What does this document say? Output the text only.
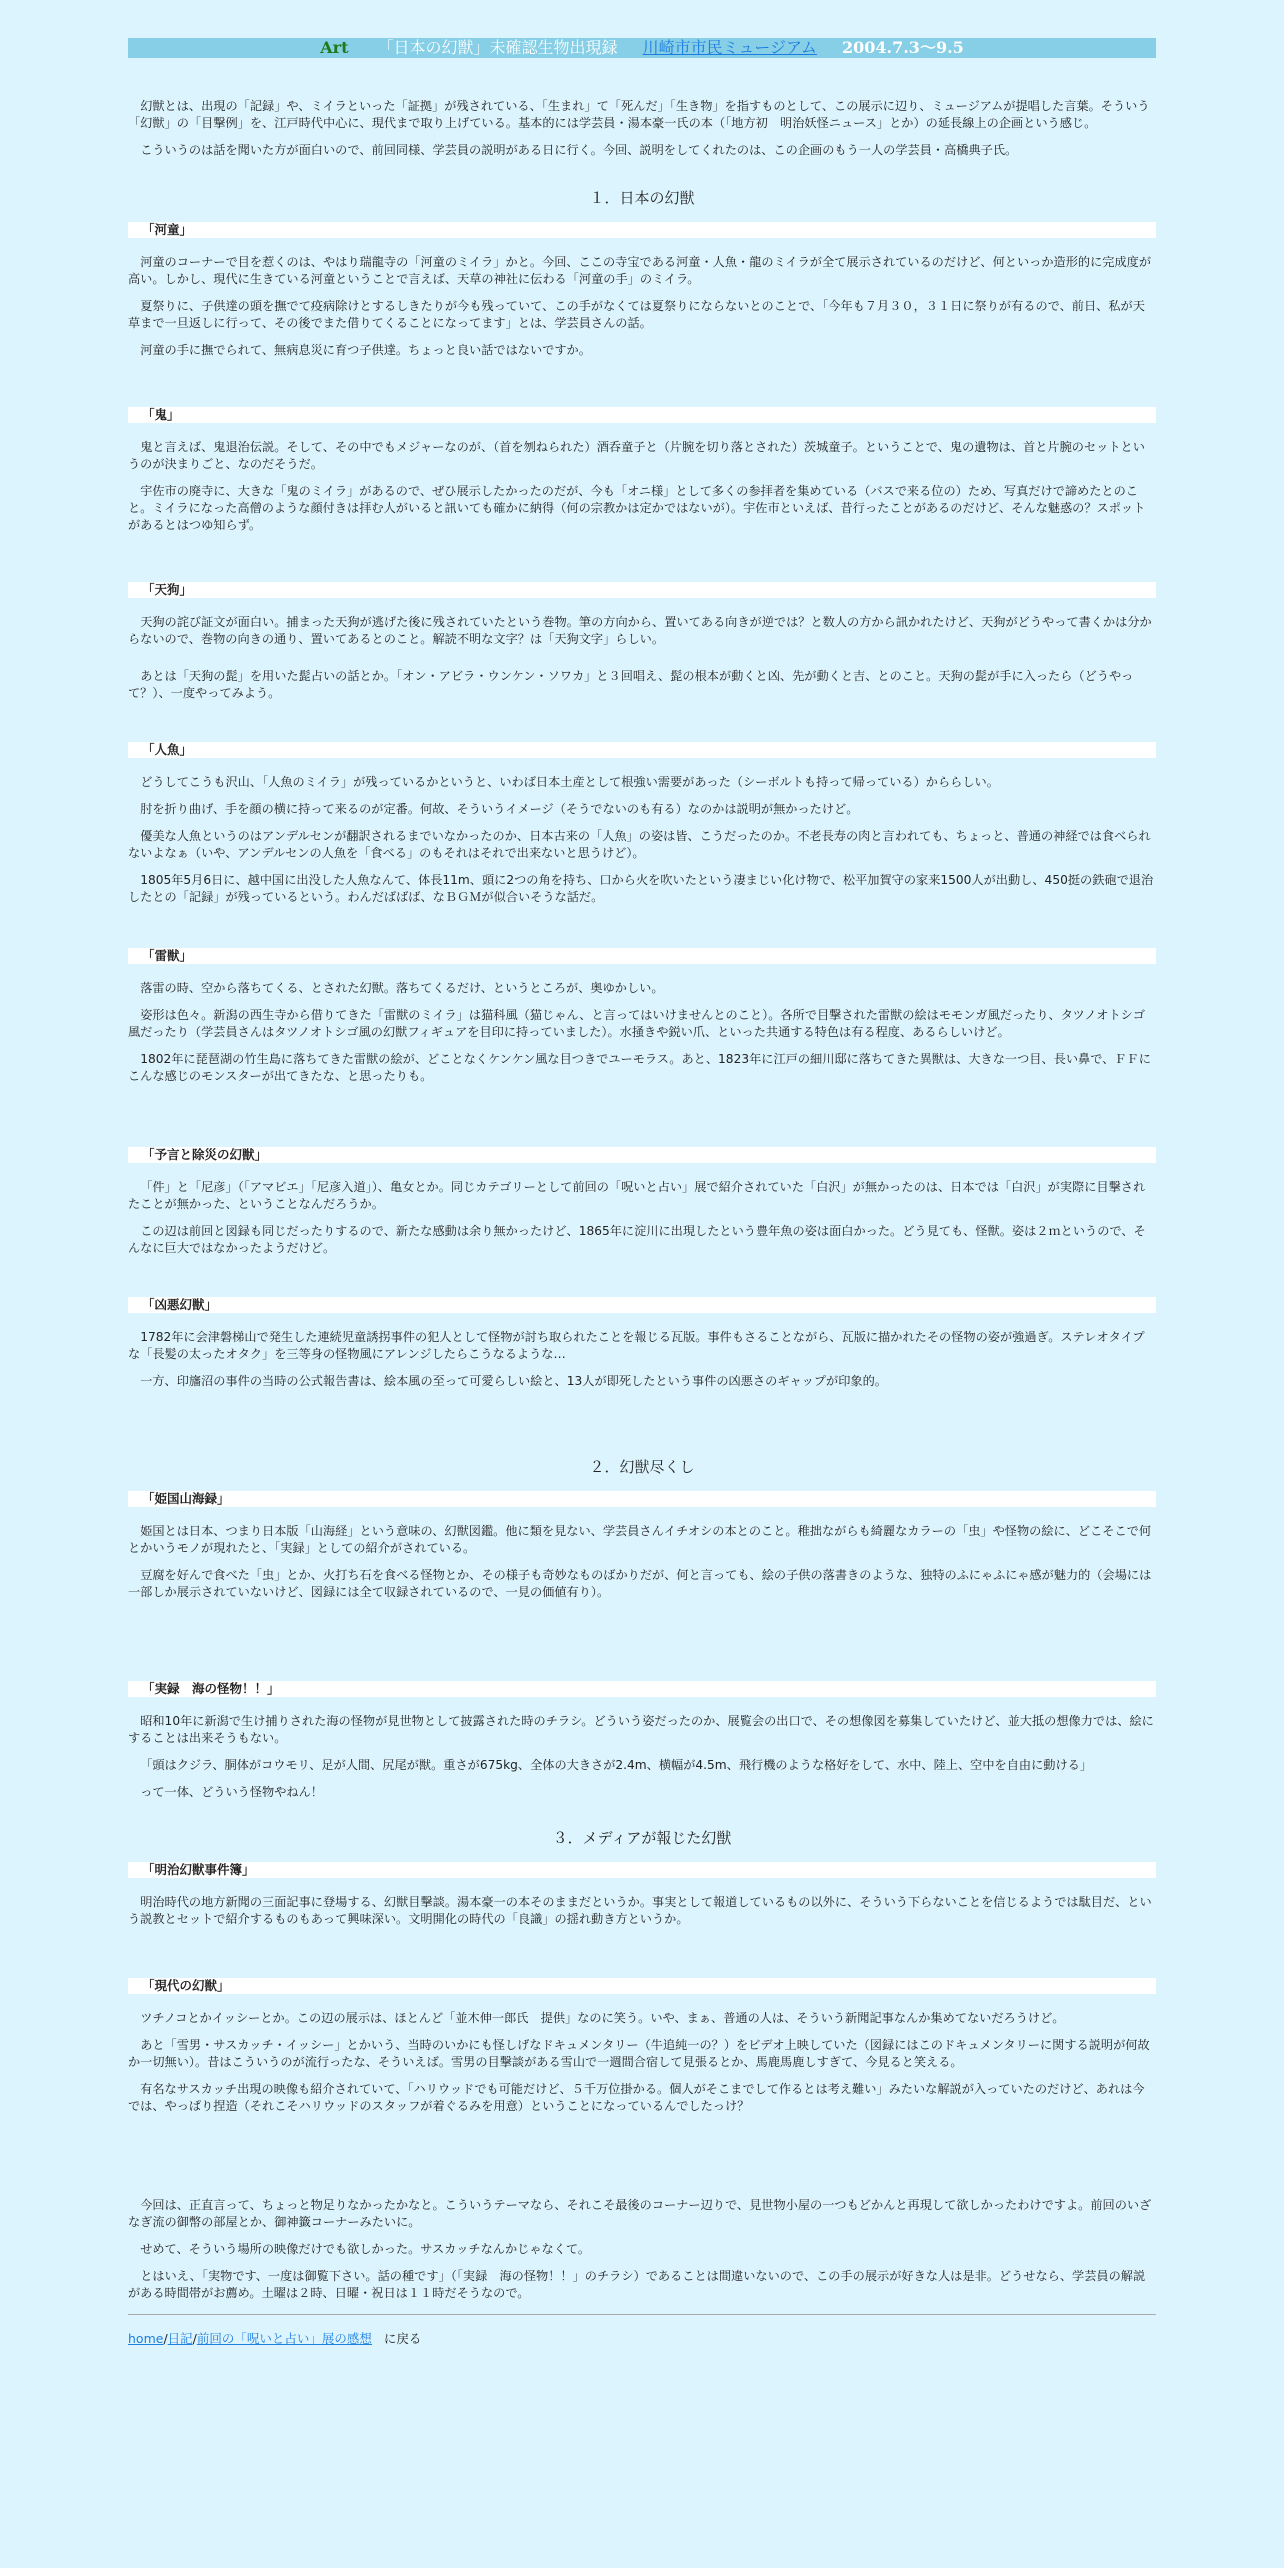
Art 「日本の幻獣」未確認生物出現録 川崎市市民ミュージアム 2004.7.3～9.5

幻獣とは、出現の「記録」や、ミイラといった「証拠」が残されている、「生まれ」て「死んだ」「生き物」を指すものとして、この展示に辺り、ミュージアムが提唱した言葉。そういう「幻獣」の「目撃例」を、江戸時代中心に、現代まで取り上げている。基本的には学芸員・湯本豪一氏の本（「地方初　明治妖怪ニュース」とか）の延長線上の企画という感じ。

こういうのは話を聞いた方が面白いので、前回同様、学芸員の説明がある日に行く。今回、説明をしてくれたのは、この企画のもう一人の学芸員・高橋典子氏。

１．日本の幻獣
「河童」

河童のコーナーで目を惹くのは、やはり瑞龍寺の「河童のミイラ」かと。今回、ここの寺宝である河童・人魚・龍のミイラが全て展示されているのだけど、何といっか造形的に完成度が高い。しかし、現代に生きている河童ということで言えば、天草の神社に伝わる「河童の手」のミイラ。

夏祭りに、子供達の頭を撫でて疫病除けとするしきたりが今も残っていて、この手がなくては夏祭りにならないとのことで、「今年も７月３０，３１日に祭りが有るので、前日、私が天草まで一旦返しに行って、その後でまた借りてくることになってます」とは、学芸員さんの話。

河童の手に撫でられて、無病息災に育つ子供達。ちょっと良い話ではないですか。

「鬼」

鬼と言えば、鬼退治伝説。そして、その中でもメジャーなのが、（首を刎ねられた）酒呑童子と（片腕を切り落とされた）茨城童子。ということで、鬼の遺物は、首と片腕のセットというのが決まりごと、なのだそうだ。

宇佐市の廃寺に、大きな「鬼のミイラ」があるので、ぜひ展示したかったのだが、今も「オニ様」として多くの参拝者を集めている（バスで来る位の）ため、写真だけで諦めたとのこと。ミイラになった高僧のような顔付きは拝む人がいると訊いても確かに納得（何の宗教かは定かではないが）。宇佐市といえば、昔行ったことがあるのだけど、そんな魅惑の？スポットがあるとはつゆ知らず。

「天狗」

天狗の詫び証文が面白い。捕まった天狗が逃げた後に残されていたという巻物。筆の方向から、置いてある向きが逆では？と数人の方から訊かれたけど、天狗がどうやって書くかは分からないので、巻物の向きの通り、置いてあるとのこと。解読不明な文字？は「天狗文字」らしい。

あとは「天狗の髭」を用いた髭占いの話とか。「オン・アビラ・ウンケン・ソワカ」と３回唱え、髭の根本が動くと凶、先が動くと吉、とのこと。天狗の髭が手に入ったら（どうやって？）、一度やってみよう。

「人魚」

どうしてこうも沢山、「人魚のミイラ」が残っているかというと、いわば日本土産として根強い需要があった（シーボルトも持って帰っている）かららしい。

肘を折り曲げ、手を顔の横に持って来るのが定番。何故、そういうイメージ（そうでないのも有る）なのかは説明が無かったけど。

優美な人魚というのはアンデルセンが翻訳されるまでいなかったのか、日本古来の「人魚」の姿は皆、こうだったのか。不老長寿の肉と言われても、ちょっと、普通の神経では食べられないよなぁ（いや、アンデルセンの人魚を「食べる」のもそれはそれで出来ないと思うけど）。

1805年5月6日に、越中国に出没した人魚なんて、体長11m、頭に2つの角を持ち、口から火を吹いたという凄まじい化け物で、松平加賀守の家来1500人が出動し、450挺の鉄砲で退治したとの「記録」が残っているという。わんだばばば、なＢＧＭが似合いそうな話だ。

「雷獣」

落雷の時、空から落ちてくる、とされた幻獣。落ちてくるだけ、というところが、奥ゆかしい。

姿形は色々。新潟の西生寺から借りてきた「雷獣のミイラ」は猫科風（猫じゃん、と言ってはいけませんとのこと）。各所で目撃された雷獣の絵はモモンガ風だったり、タツノオトシゴ風だったり（学芸員さんはタツノオトシゴ風の幻獣フィギュアを目印に持っていました）。水掻きや鋭い爪、といった共通する特色は有る程度、あるらしいけど。

1802年に琵琶湖の竹生島に落ちてきた雷獣の絵が、どことなくケンケン風な目つきでユーモラス。あと、1823年に江戸の細川邸に落ちてきた異獣は、大きな一つ目、長い鼻で、ＦＦにこんな感じのモンスターが出てきたな、と思ったりも。

「予言と除災の幻獣」

「件」と「尼彦」（「アマビエ」「尼彦入道」）、亀女とか。同じカテゴリーとして前回の「呪いと占い」展で紹介されていた「白沢」が無かったのは、日本では「白沢」が実際に目撃されたことが無かった、ということなんだろうか。

この辺は前回と図録も同じだったりするので、新たな感動は余り無かったけど、1865年に淀川に出現したという豊年魚の姿は面白かった。どう見ても、怪獣。姿は２ｍというので、そんなに巨大ではなかったようだけど。

「凶悪幻獣」

1782年に会津磐梯山で発生した連続児童誘拐事件の犯人として怪物が討ち取られたことを報じる瓦版。事件もさることながら、瓦版に描かれたその怪物の姿が強過ぎ。ステレオタイプな「長髪の太ったオタク」を三等身の怪物風にアレンジしたらこうなるような…

一方、印旛沼の事件の当時の公式報告書は、絵本風の至って可愛らしい絵と、13人が即死したという事件の凶悪さのギャップが印象的。

２．幻獣尽くし
「姫国山海録」

姫国とは日本、つまり日本版「山海経」という意味の、幻獣図鑑。他に類を見ない、学芸員さんイチオシの本とのこと。稚拙ながらも綺麗なカラーの「虫」や怪物の絵に、どこそこで何とかいうモノが現れたと、「実録」としての紹介がされている。

豆腐を好んで食べた「虫」とか、火打ち石を食べる怪物とか、その様子も奇妙なものばかりだが、何と言っても、絵の子供の落書きのような、独特のふにゃふにゃ感が魅力的（会場には一部しか展示されていないけど、図録には全て収録されているので、一見の価値有り）。

「実録　海の怪物！！」

昭和10年に新潟で生け捕りされた海の怪物が見世物として披露された時のチラシ。どういう姿だったのか、展覧会の出口で、その想像図を募集していたけど、並大抵の想像力では、絵にすることは出来そうもない。

「頭はクジラ、胴体がコウモリ、足が人間、尻尾が獣。重さが675kg、全体の大きさが2.4m、横幅が4.5m、飛行機のような格好をして、水中、陸上、空中を自由に動ける」

って一体、どういう怪物やねん！

３．メディアが報じた幻獣
「明治幻獣事件簿」

明治時代の地方新聞の三面記事に登場する、幻獣目撃談。湯本豪一の本そのままだというか。事実として報道しているもの以外に、そういう下らないことを信じるようでは駄目だ、という説教とセットで紹介するものもあって興味深い。文明開化の時代の「良識」の揺れ動き方というか。

「現代の幻獣」

ツチノコとかイッシーとか。この辺の展示は、ほとんど「並木伸一郎氏　提供」なのに笑う。いや、まぁ、普通の人は、そういう新聞記事なんか集めてないだろうけど。

あと「雪男・サスカッチ・イッシー」とかいう、当時のいかにも怪しげなドキュメンタリー（牛追純一の？）をビデオ上映していた（図録にはこのドキュメンタリーに関する説明が何故か一切無い）。昔はこういうのが流行ったな、そういえば。雪男の目撃談がある雪山で一週間合宿して見張るとか、馬鹿馬鹿しすぎて、今見ると笑える。

有名なサスカッチ出現の映像も紹介されていて、「ハリウッドでも可能だけど、５千万位掛かる。個人がそこまでして作るとは考え難い」みたいな解説が入っていたのだけど、あれは今では、やっぱり捏造（それこそハリウッドのスタッフが着ぐるみを用意）ということになっているんでしたっけ？

今回は、正直言って、ちょっと物足りなかったかなと。こういうテーマなら、それこそ最後のコーナー辺りで、見世物小屋の一つもどかんと再現して欲しかったわけですよ。前回のいざなぎ流の御幣の部屋とか、御神籤コーナーみたいに。

せめて、そういう場所の映像だけでも欲しかった。サスカッチなんかじゃなくて。

とはいえ、「実物です、一度は御覧下さい。話の種です」（「実録　海の怪物！！」のチラシ）であることは間違いないので、この手の展示が好きな人は是非。どうせなら、学芸員の解説がある時間帯がお薦め。土曜は２時、日曜・祝日は１１時だそうなので。

home/日記/前回の「呪いと占い」展の感想 に戻る
